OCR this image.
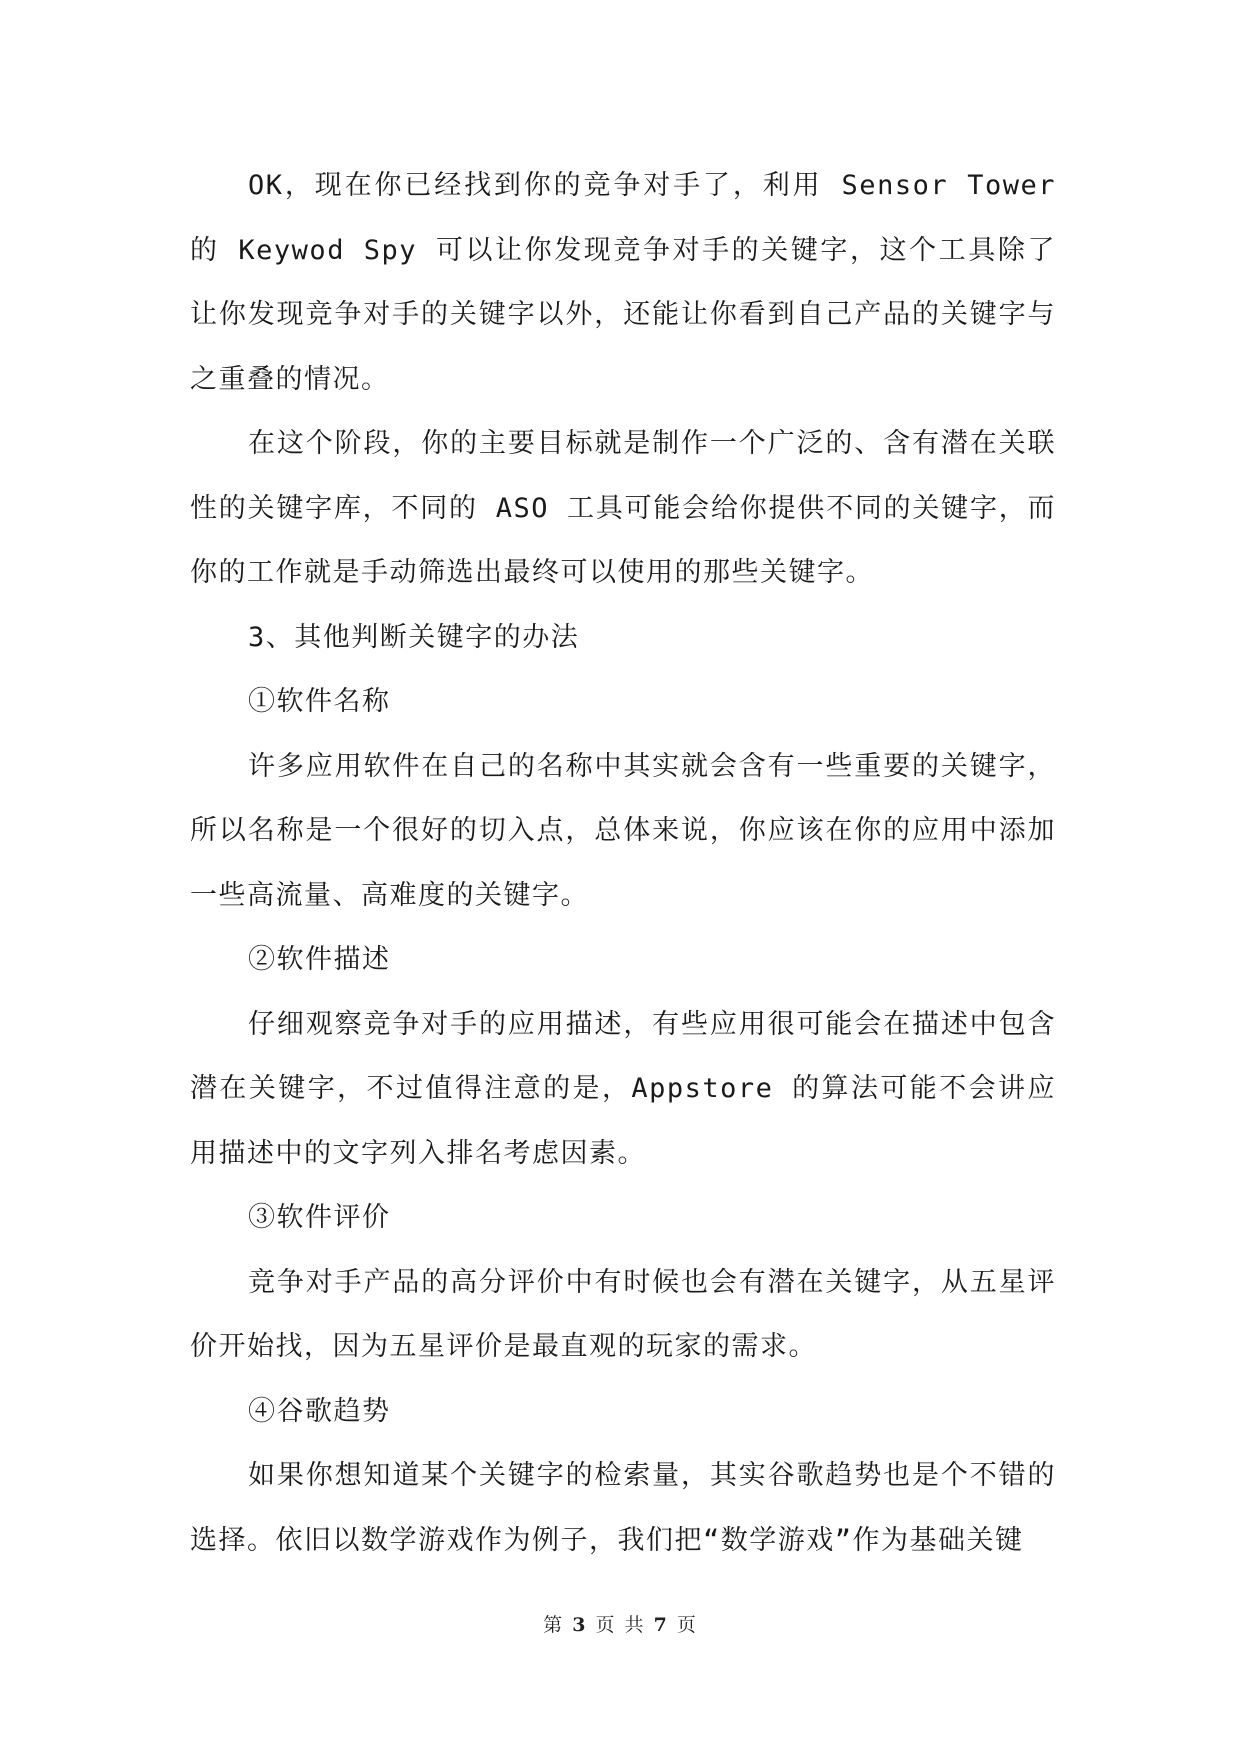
OK，现在你已经找到你的竞争对手了，利用 Sensor Tower 的 Keywod Spy 可以让你发现竞争对手的关键字，这个工具除了让你发现竞争对手的关键字以外，还能让你看到自己产品的关键字与之重叠的情况。

在这个阶段，你的主要目标就是制作一个广泛的、含有潜在关联性的关键字库，不同的 ASO 工具可能会给你提供不同的关键字，而你的工作就是手动筛选出最终可以使用的那些关键字。

3、其他判断关键字的办法

①软件名称

许多应用软件在自己的名称中其实就会含有一些重要的关键字，所以名称是一个很好的切入点，总体来说，你应该在你的应用中添加一些高流量、高难度的关键字。

②软件描述

仔细观察竞争对手的应用描述，有些应用很可能会在描述中包含潜在关键字，不过值得注意的是，Appstore 的算法可能不会讲应用描述中的文字列入排名考虑因素。

③软件评价

竞争对手产品的高分评价中有时候也会有潜在关键字，从五星评价开始找，因为五星评价是最直观的玩家的需求。

④谷歌趋势

如果你想知道某个关键字的检索量，其实谷歌趋势也是个不错的选择。依旧以数学游戏作为例子，我们把“数学游戏”作为基础关键

第 3 页 共 7 页
